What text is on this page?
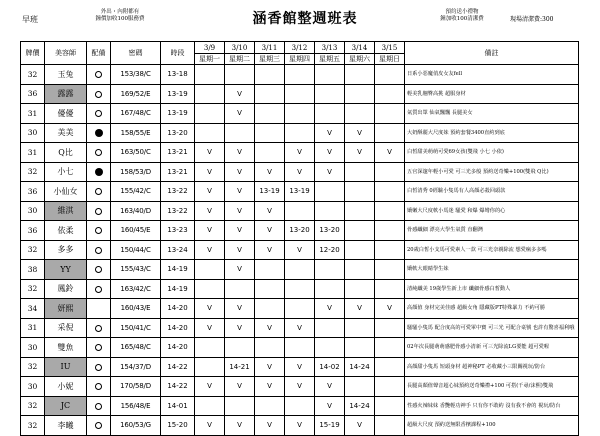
早班
外出・內附都有
鐘價加收100服務費	涵香館整週班表	預約送小禮物
鐘加收100清潔費	現場清潔費:300
牌價	美容師	配備	密碼	時段	3/9	3/10	3/11	3/12	3/13	3/14	3/15	備註
					星期一	星期二	星期三	星期四	星期五	星期六	星期日	
32	玉兔		153/38/C	13-18								日系小惡魔俏皮女友fell
36	露露		169/52/E	13-19		V						輕美乳翹臀高挑 超服身材
31	優優		167/48/C	13-19		V						氣質出眾 仙氣飄飄 長腿美女
30	美美		158/55/E	13-20					V	V		大奶酥麗大尺度妹 預約套餐3400直約到底
31	Q比		163/50/C	13-21	V	V		V	V	V	V	白皙甜美萌萌可愛69女孩(雙飛 小七 小依)
32	小七		158/53/D	13-21	V	V	V	V	V			五官深邃年輕小可愛 可三光多般 預約送奇樂+100(雙飛 Q比)
36	小仙女		155/42/C	13-22	V	V	13-19	13-19				白皙清秀 0經驗小隻馬有人高顏必殺回頭款
30	維淇		163/40/D	13-22	V	V	V					嬌嫩大尺度軟小馬迷 騷愛 和爆 爆彎你的心
36	依柔		160/45/E	13-23	V	V	V	13-20	13-20			骨感纖細 漂亮大學生氣質 直翻灣
32	多多		150/44/C	13-24	V	V	V	V	12-20			20歲白皙小支馬可愛素人一款 可三光奈親除流 想愛瘋多多嗎
38	YY		155/43/C	14-19		V						嬌軟大眼睛學生妹
32	鳳鈴		163/42/C	14-19								清純纖美 19歲學生新上市 纖細骨感白皙動人
34	妍熙		160/43/E	14-20	V	V			V	V	V	高顏值 身材完美佳感 超級女角 隱藏版PT特殊暴力 不約可勝
31	采倪		150/41/C	14-20	V	V	V	V				騷騷小隻馬 配合度高的可愛軍中寶 可三光 可配合桌號 也許有驚喜福利哦
30	雙魚		165/48/C	14-20								02年次長腿萌萌感肥骨感小清新 可三光除流LG要能 超可愛喔
32	IU		154/37/D	14-22		14-21	V	V	14-02	14-24		高顏甜小隻馬 短頭身材 超神秘PT 必收藏小三限關視玩/防台
30	小妮		170/58/D	14-22	V	V	V	V	V			長腿高顏值聲音超心妹預約送奇樂禮+100 可搭(千尋/沫熙)雙飛
32	JC		156/48/E	14-01					V	14-24		性感火辣妹妹 香艷輕功神手 只有你不敢約 沒有我不會的 視玩/防台
32	李曦		160/53/G	15-20	V	V	V	V	15-19	V		超級大尺度 預約送無限香檳課程+100
